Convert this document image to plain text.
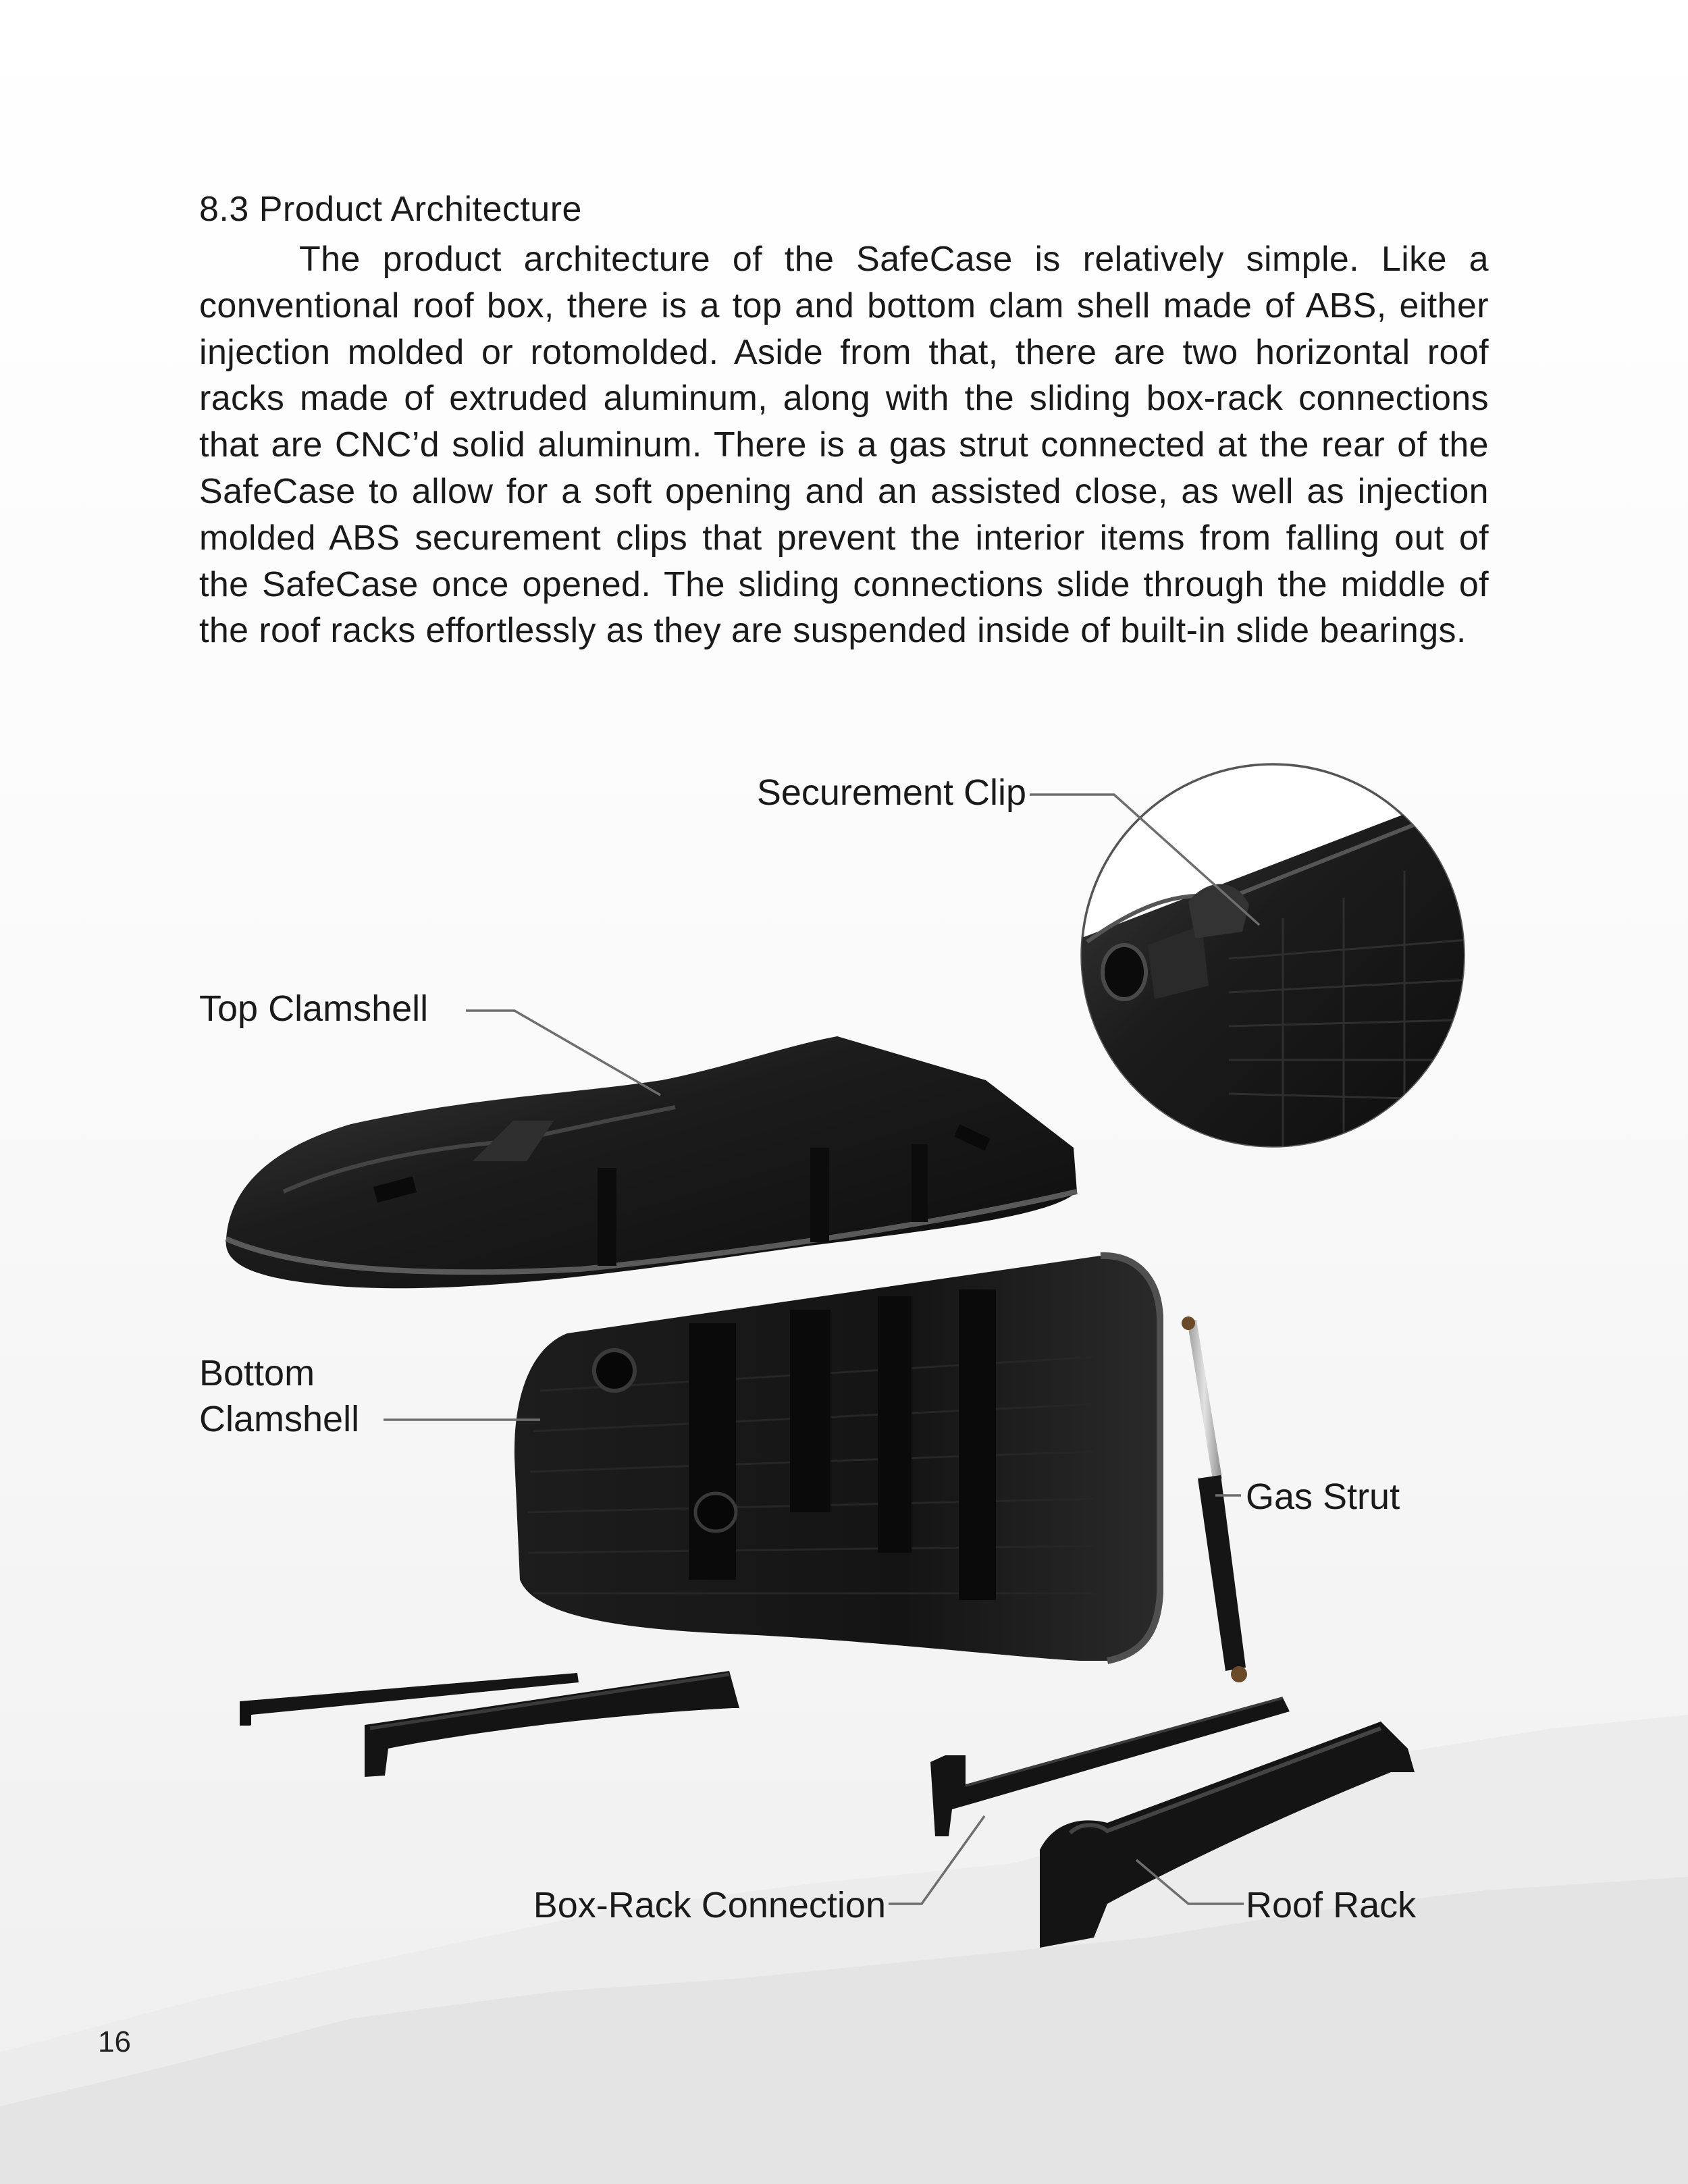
8.3 Product Architecture

The product architecture of the SafeCase is relatively simple. Like a conventional roof box, there is a top and bottom clam shell made of ABS, either injection molded or rotomolded. Aside from that, there are two horizontal roof racks made of extruded aluminum, along with the sliding box-rack connections that are CNC’d solid aluminum. There is a gas strut connected at the rear of the SafeCase to allow for a soft opening and an assisted close, as well as injection molded ABS securement clips that prevent the interior items from falling out of the SafeCase once opened. The sliding connections slide through the middle of the roof racks effortlessly as they are suspended inside of built-in slide bearings.

Securement Clip
Top Clamshell
Bottom
Clamshell
Gas Strut
Box-Rack Connection	Roof Rack
16
